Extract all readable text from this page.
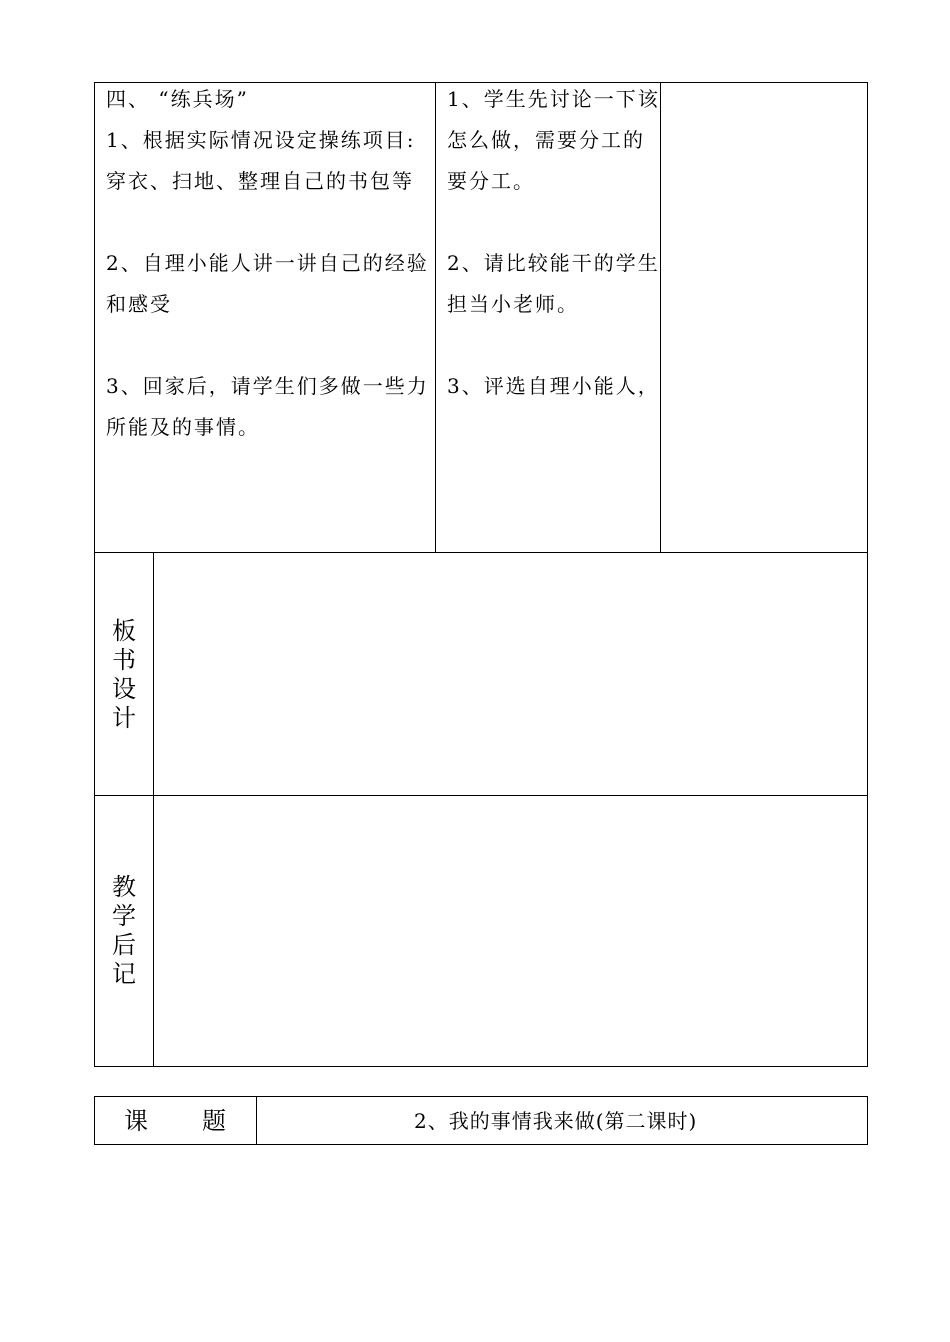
四、 “练兵场”
1、根据实际情况设定操练项目:
穿衣、扫地、整理自己的书包等
2、自理小能人讲一讲自己的经验
和感受
3、回家后，请学生们多做一些力
所能及的事情。
1、学生先讨论一下该
怎么做，需要分工的
要分工。
2、请比较能干的学生
担当小老师。
3、评选自理小能人，
板
书
设
计
教
学
后
记
课 题	2、我的事情我来做(第二课时)
